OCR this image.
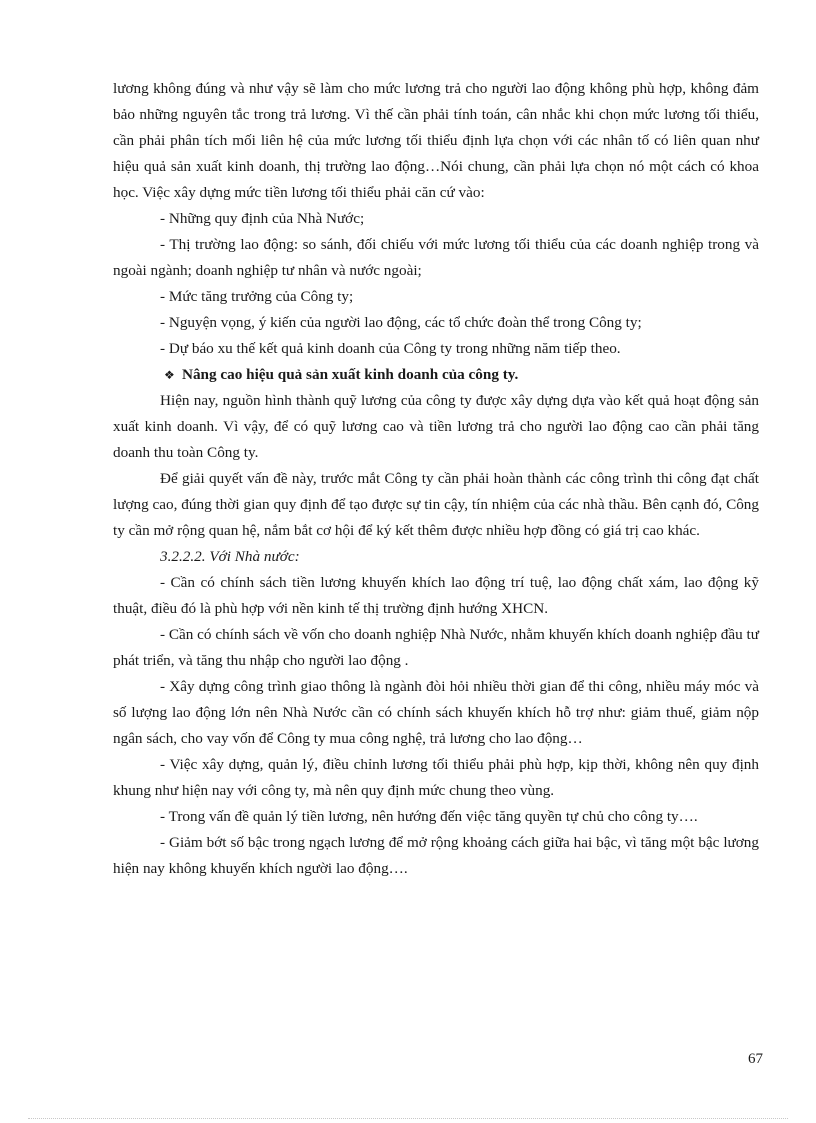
lương không đúng và như vậy sẽ làm cho mức lương trả cho người lao động không phù hợp, không đảm bảo những nguyên tắc trong trả lương. Vì thế cần phải tính toán, cân nhắc khi chọn mức lương tối thiểu, cần phải phân tích mối liên hệ của mức lương tối thiểu định lựa chọn với các nhân tố có liên quan như hiệu quả sản xuất kinh doanh, thị trường lao động…Nói chung, cần phải lựa chọn nó một cách có khoa học. Việc xây dựng mức tiền lương tối thiểu phải căn cứ vào:

- Những quy định của Nhà Nước;

- Thị trường lao động: so sánh, đối chiếu với mức lương tối thiểu của các doanh nghiệp trong và ngoài ngành; doanh nghiệp tư nhân và nước ngoài;

- Mức tăng trưởng của Công ty;

- Nguyện vọng, ý kiến của người lao động, các tổ chức đoàn thể trong Công ty;

- Dự báo xu thế kết quả kinh doanh của Công ty trong những năm tiếp theo.

❖ Nâng cao hiệu quả sản xuất kinh doanh của công ty.

Hiện nay, nguồn hình thành quỹ lương của công ty được xây dựng dựa vào kết quả hoạt động sản xuất kinh doanh. Vì vậy, để có quỹ lương cao và tiền lương trả cho người lao động cao cần phải tăng doanh thu toàn Công ty.

Để giải quyết vấn đề này, trước mắt Công ty cần phải hoàn thành các công trình thi công đạt chất lượng cao, đúng thời gian quy định để tạo được sự tin cậy, tín nhiệm của các nhà thầu. Bên cạnh đó, Công ty cần mở rộng quan hệ, nắm bắt cơ hội để ký kết thêm được nhiều hợp đồng có giá trị cao khác.

3.2.2.2. Với Nhà nước:

- Cần có chính sách tiền lương khuyến khích lao động trí tuệ, lao động chất xám, lao động kỹ thuật, điều đó là phù hợp với nền kinh tế thị trường định hướng XHCN.

- Cần có chính sách về vốn cho doanh nghiệp Nhà Nước, nhằm khuyến khích doanh nghiệp đầu tư phát triển, và tăng thu nhập cho người lao động .

- Xây dựng công trình giao thông là ngành đòi hỏi nhiều thời gian để thi công, nhiều máy móc và số lượng lao động lớn nên Nhà Nước cần có chính sách khuyến khích hỗ trợ như: giảm thuế, giảm nộp ngân sách, cho vay vốn để Công ty mua công nghệ, trả lương cho lao động…

- Việc xây dựng, quản lý, điều chỉnh lương tối thiểu phải phù hợp, kịp thời, không nên quy định khung như hiện nay với công ty, mà nên quy định mức chung theo vùng.

- Trong vấn đề quản lý tiền lương, nên hướng đến việc tăng quyền tự chủ cho công ty….

- Giảm bớt số bậc trong ngạch lương để mở rộng khoảng cách giữa hai bậc, vì tăng một bậc lương hiện nay không khuyến khích người lao động….

67
